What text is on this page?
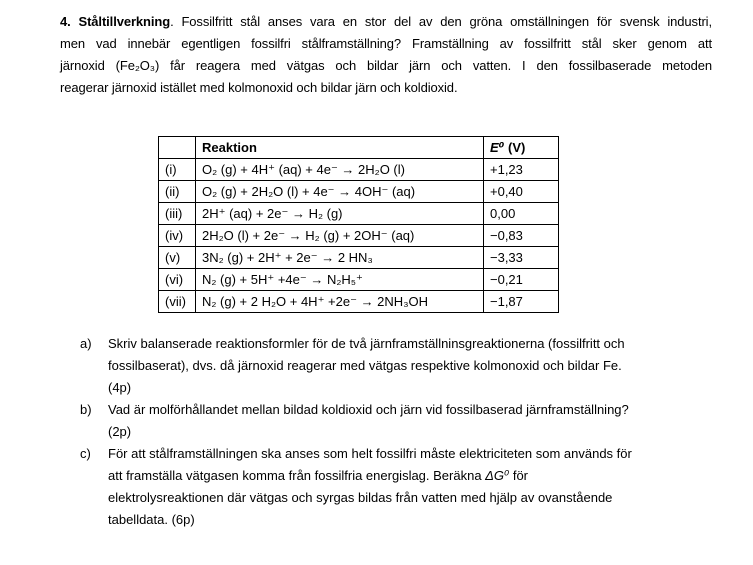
4. Ståltillverkning. Fossilfritt stål anses vara en stor del av den gröna omställningen för svensk industri,
men vad innebär egentligen fossilfri stålframställning? Framställning av fossilfritt stål sker genom att
järnoxid (Fe₂O₃) får reagera med vätgas och bildar järn och vatten. I den fossilbaserade metoden
reagerar järnoxid istället med kolmonoxid och bildar järn och koldioxid.
	Reaktion	E⁰ (V)
(i)	O₂ (g) + 4H⁺ (aq) + 4e⁻ → 2H₂O (l)	+1,23
(ii)	O₂ (g) + 2H₂O (l) + 4e⁻ → 4OH⁻ (aq)	+0,40
(iii)	2H⁺ (aq) + 2e⁻ → H₂ (g)	0,00
(iv)	2H₂O (l) + 2e⁻ → H₂ (g) + 2OH⁻ (aq)	−0,83
(v)	3N₂ (g) + 2H⁺ + 2e⁻ → 2 HN₃	−3,33
(vi)	N₂ (g) + 5H⁺ +4e⁻ → N₂H₅⁺	−0,21
(vii)	N₂ (g) + 2 H₂O + 4H⁺ +2e⁻ → 2NH₃OH	−1,87
a)	Skriv balanserade reaktionsformler för de två järnframställninsgreaktionerna (fossilfritt och
fossilbaserat), dvs. då järnoxid reagerar med vätgas respektive kolmonoxid och bildar Fe.
(4p)
b)	Vad är molförhållandet mellan bildad koldioxid och järn vid fossilbaserad järnframställning?
(2p)
c)	För att stålframställningen ska anses som helt fossilfri måste elektriciteten som används för
att framställa vätgasen komma från fossilfria energislag. Beräkna ΔG⁰ för
elektrolysreaktionen där vätgas och syrgas bildas från vatten med hjälp av ovanstående
tabelldata. (6p)
